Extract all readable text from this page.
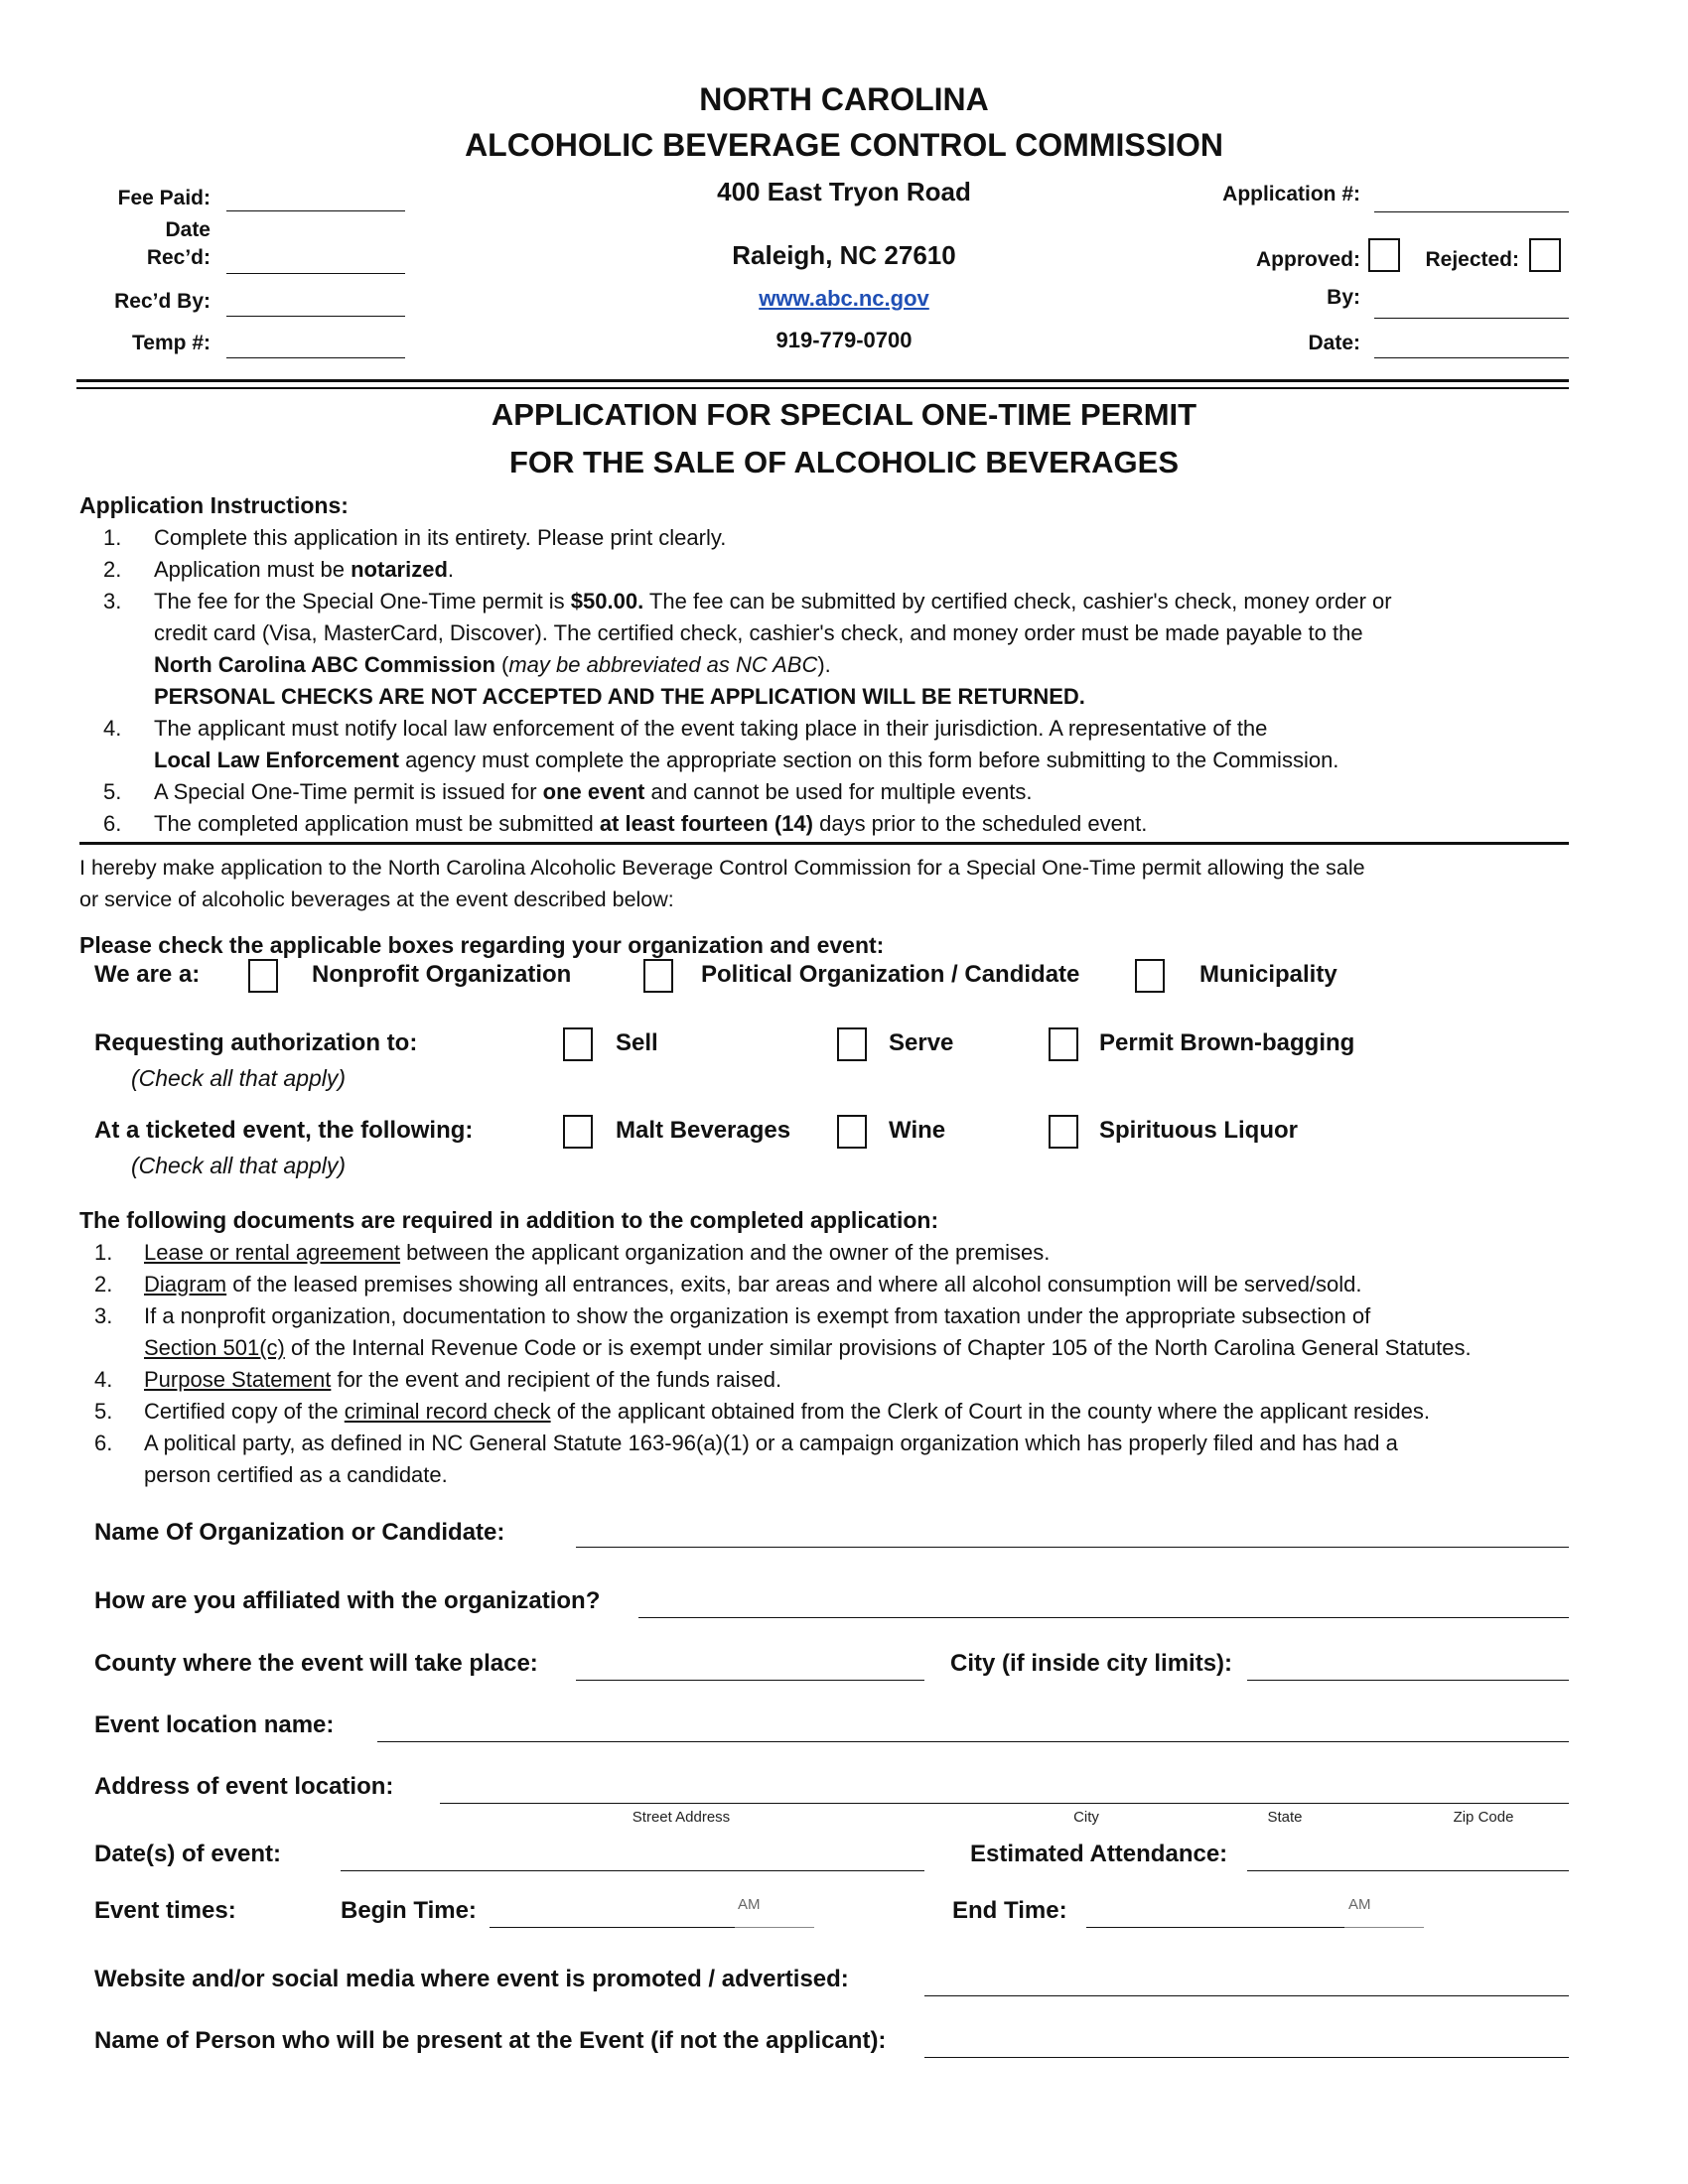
NORTH CAROLINA
ALCOHOLIC BEVERAGE CONTROL COMMISSION
400 East Tryon Road
Raleigh, NC 27610
www.abc.nc.gov
919-779-0700
Fee Paid:
Date
Rec’d:
Rec’d By:
Temp #:
Application #:
Approved:	Rejected:
By:
Date:
APPLICATION FOR SPECIAL ONE-TIME PERMIT
FOR THE SALE OF ALCOHOLIC BEVERAGES
Application Instructions:
1.	Complete this application in its entirety. Please print clearly.
2.	Application must be notarized.
3.	The fee for the Special One-Time permit is $50.00. The fee can be submitted by certified check, cashier's check, money order or
credit card (Visa, MasterCard, Discover). The certified check, cashier's check, and money order must be made payable to the
North Carolina ABC Commission (may be abbreviated as NC ABC).
PERSONAL CHECKS ARE NOT ACCEPTED AND THE APPLICATION WILL BE RETURNED.
4.	The applicant must notify local law enforcement of the event taking place in their jurisdiction. A representative of the
Local Law Enforcement agency must complete the appropriate section on this form before submitting to the Commission.
5.	A Special One-Time permit is issued for one event and cannot be used for multiple events.
6.	The completed application must be submitted at least fourteen (14) days prior to the scheduled event.
I hereby make application to the North Carolina Alcoholic Beverage Control Commission for a Special One-Time permit allowing the sale
or service of alcoholic beverages at the event described below:
Please check the applicable boxes regarding your organization and event:
We are a:	Nonprofit Organization	Political Organization / Candidate	Municipality
Requesting authorization to:
(Check all that apply)
Sell	Serve	Permit Brown-bagging
At a ticketed event, the following:
(Check all that apply)
Malt Beverages	Wine	Spirituous Liquor
The following documents are required in addition to the completed application:
1.	Lease or rental agreement between the applicant organization and the owner of the premises.
2.	Diagram of the leased premises showing all entrances, exits, bar areas and where all alcohol consumption will be served/sold.
3.	If a nonprofit organization, documentation to show the organization is exempt from taxation under the appropriate subsection of
Section 501(c) of the Internal Revenue Code or is exempt under similar provisions of Chapter 105 of the North Carolina General Statutes.
4.	Purpose Statement for the event and recipient of the funds raised.
5.	Certified copy of the criminal record check of the applicant obtained from the Clerk of Court in the county where the applicant resides.
6.	A political party, as defined in NC General Statute 163-96(a)(1) or a campaign organization which has properly filed and has had a
person certified as a candidate.
Name Of Organization or Candidate:
How are you affiliated with the organization?
County where the event will take place:	City (if inside city limits):
Event location name:
Address of event location:
Street Address	City	State	Zip Code
Date(s) of event:	Estimated Attendance:
Event times:	Begin Time:	AM	End Time:	AM
Website and/or social media where event is promoted / advertised:
Name of Person who will be present at the Event (if not the applicant):
